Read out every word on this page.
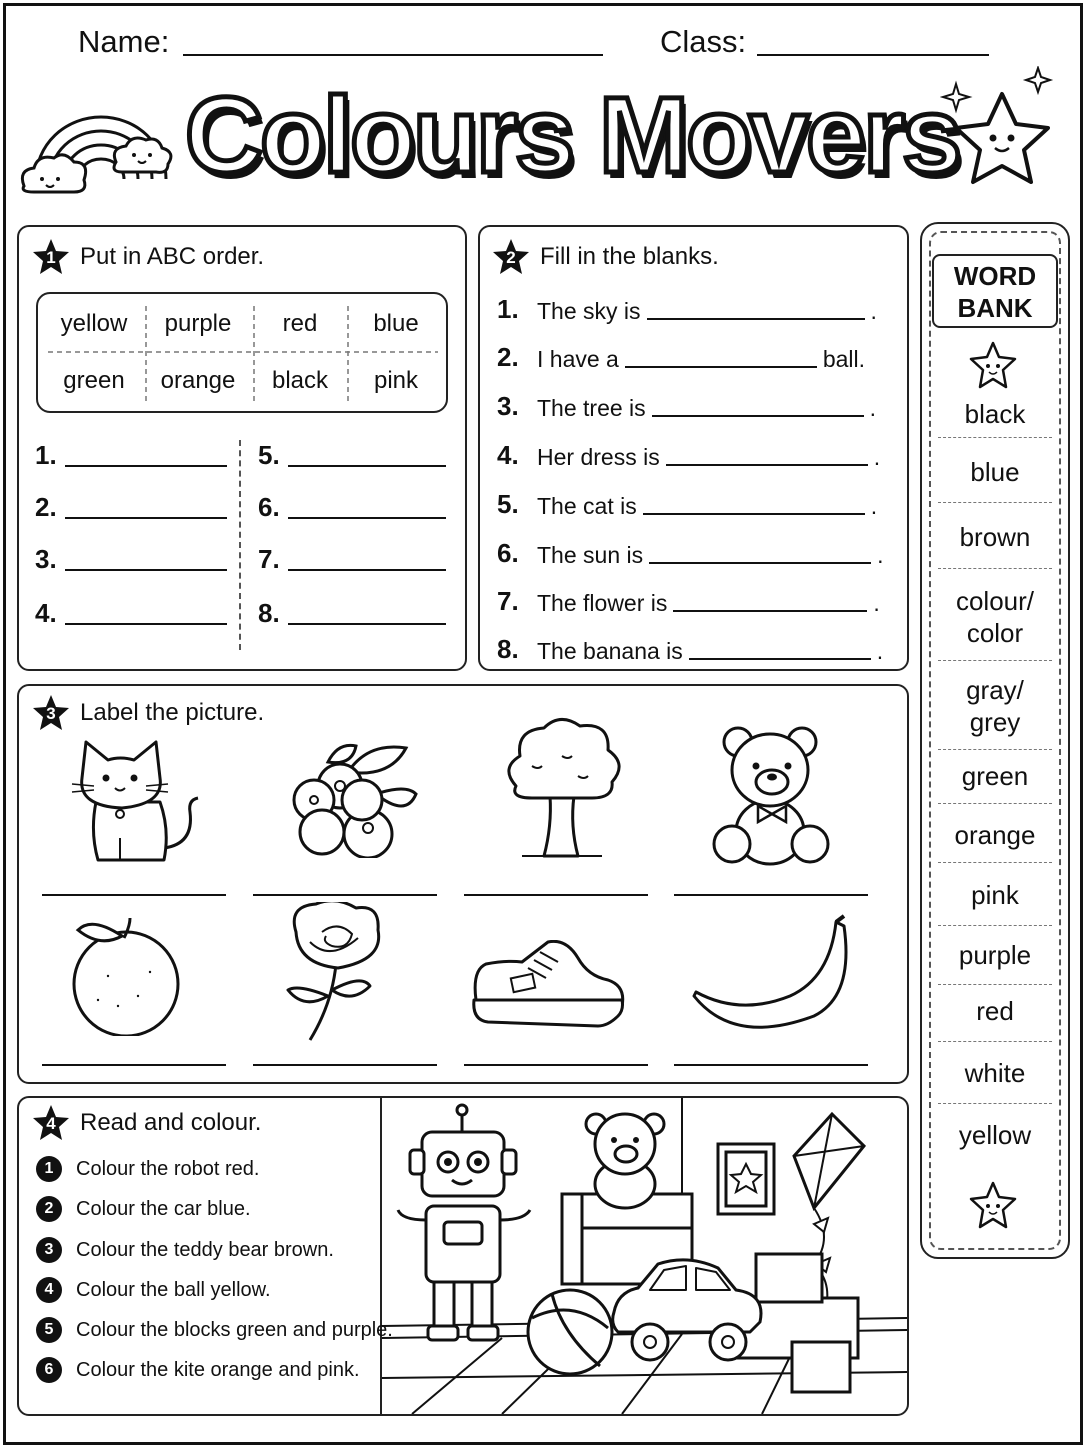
Name:	Class:
Colours Movers
1	Put in ABC order.
yellow	purple	red	blue
green	orange	black	pink
1.
2.
3.
4.
5.
6.
7.
8.
2	Fill in the blanks.
1. The sky is	.
2. I have a	ball.
3. The tree is	.
4. Her dress is	.
5. The cat is	.
6. The sun is	.
7. The flower is	.
8. The banana is	.
3	Label the picture.
4	Read and colour.
1	Colour the robot red.
2	Colour the car blue.
3	Colour the teddy bear brown.
4	Colour the ball yellow.
5	Colour the blocks green and purple.
6	Colour the kite orange and pink.
WORD
BANK
black
blue
brown
colour/
color
gray/
grey
green
orange
pink
purple
red
white
yellow
